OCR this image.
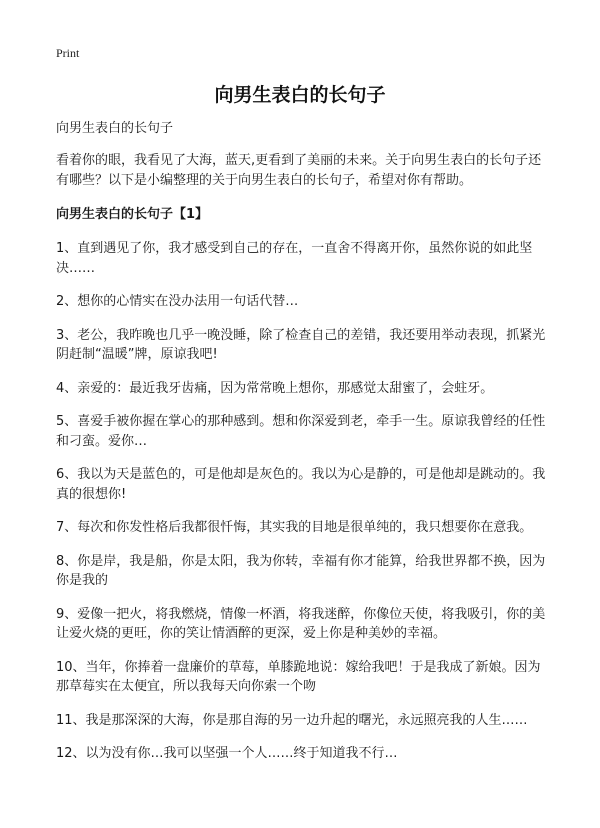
Print
向男生表白的长句子

向男生表白的长句子

看着你的眼，我看见了大海，蓝天,更看到了美丽的未来。关于向男生表白的长句子还有哪些？以下是小编整理的关于向男生表白的长句子，希望对你有帮助。

向男生表白的长句子【1】

1、直到遇见了你，我才感受到自己的存在，一直舍不得离开你，虽然你说的如此坚决……
2、想你的心情实在没办法用一句话代替…
3、老公，我昨晚也几乎一晚没睡，除了检查自己的差错，我还要用举动表现，抓紧光阴赶制“温暖”牌，原谅我吧!
4、亲爱的：最近我牙齿痛，因为常常晚上想你，那感觉太甜蜜了，会蛀牙。
5、喜爱手被你握在掌心的那种感到。想和你深爱到老，牵手一生。原谅我曾经的任性和刁蛮。爱你…
6、我以为天是蓝色的，可是他却是灰色的。我以为心是静的，可是他却是跳动的。我真的很想你!
7、每次和你发性格后我都很忏悔，其实我的目地是很单纯的，我只想要你在意我。
8、你是岸，我是船，你是太阳，我为你转，幸福有你才能算，给我世界都不换，因为你是我的
9、爱像一把火，将我燃烧，情像一杯酒，将我迷醉，你像位天使，将我吸引，你的美让爱火烧的更旺，你的笑让情酒醉的更深，爱上你是种美妙的幸福。
10、当年，你捧着一盘廉价的草莓，单膝跪地说：嫁给我吧！于是我成了新娘。因为那草莓实在太便宜，所以我每天向你索一个吻
11、我是那深深的大海，你是那自海的另一边升起的曙光，永远照亮我的人生……
12、以为没有你…我可以坚强一个人……终于知道我不行…
